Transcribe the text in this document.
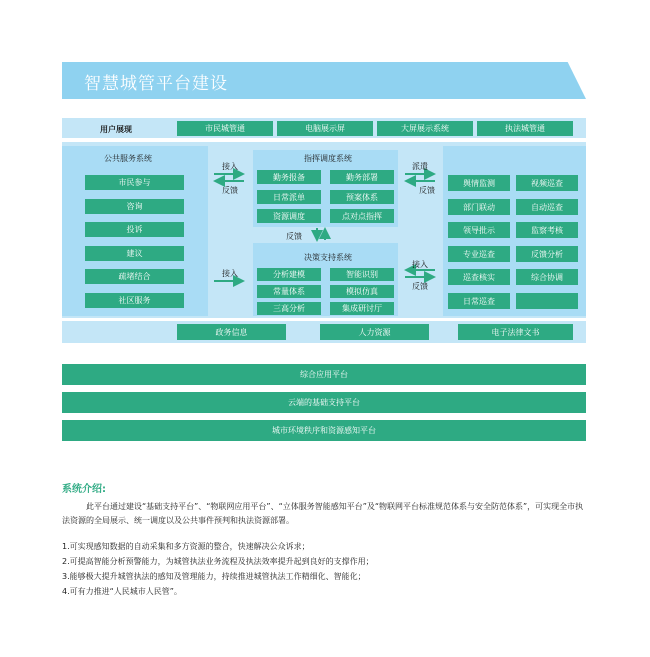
智慧城管平台建设
用户展现	市民城管通	电脑展示屏	大屏展示系统	执法城管通
公共服务系统
市民参与
咨询
投诉
建议
疏堵结合
社区服务
指挥调度系统
勤务报备	勤务部署
日常派单	预案体系
资源调度	点对点指挥
决策支持系统
分析建模	智能识别
常量体系	模拟仿真
三高分析	集成研讨厅
舆情监测	视频巡查
部门联动	自动巡查
领导批示	监察考核
专业巡查	反馈分析
巡查核实	综合协调
日常巡查
接入
反馈
派遣
反馈
反馈
接入
接入
反馈
政务信息	人力资源	电子法律文书
综合应用平台
云端的基础支持平台
城市环境秩序和资源感知平台
系统介绍:
此平台通过建设“基础支持平台”、“物联网应用平台”、“立体服务智能感知平台”及“物联网平台标准规范体系与安全防范体系”，可实现全市执法资源的全局展示、统一调度以及公共事件预判和执法资源部署。
1.可实现感知数据的自动采集和多方资源的整合，快速解决公众诉求；
2.可提高智能分析预警能力，为城管执法业务流程及执法效率提升起到良好的支撑作用；
3.能够极大提升城管执法的感知及管理能力，持续推进城管执法工作精细化、智能化；
4.可有力推进“人民城市人民管”。
